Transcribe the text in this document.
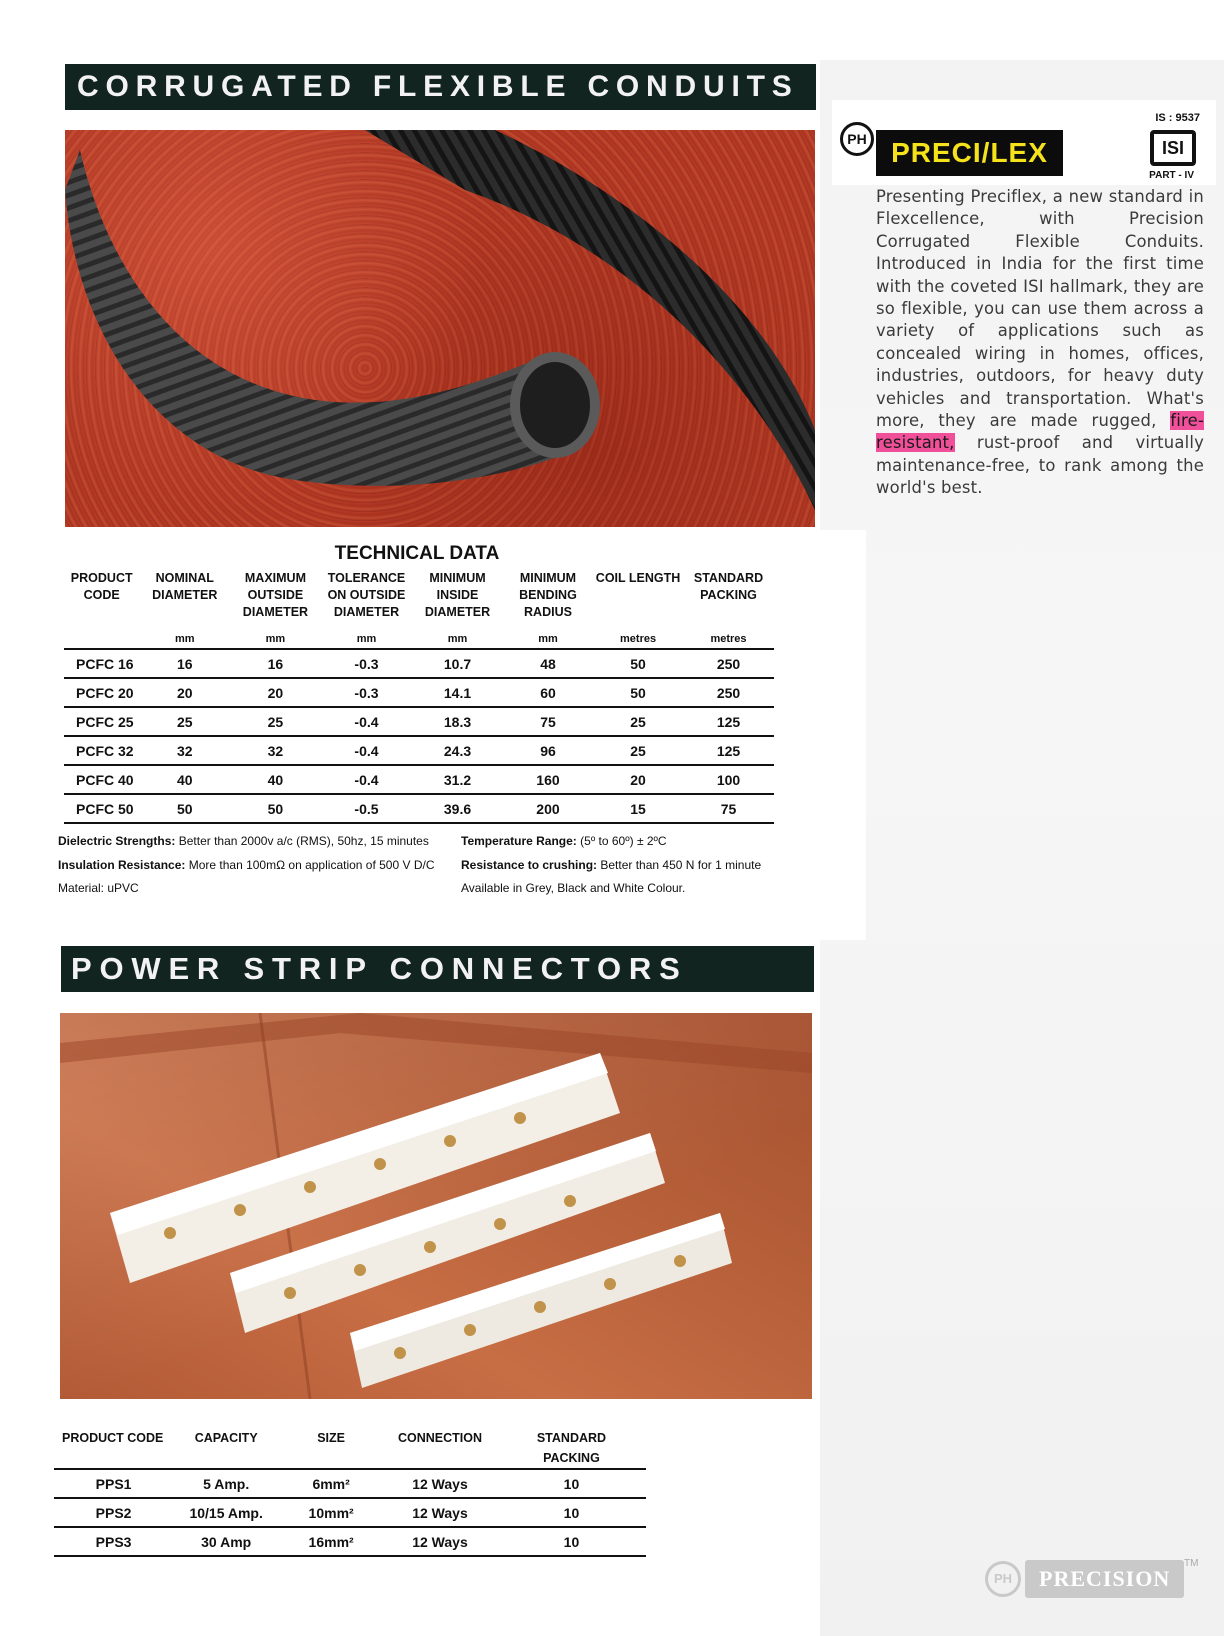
CORRUGATED FLEXIBLE CONDUITS
PH PRECI/LEX
IS : 9537
ISI
PART - IV

Presenting Preciflex, a new standard in Flexcellence, with Precision Corrugated Flexible Conduits. Introduced in India for the first time with the coveted ISI hallmark, they are so flexible, you can use them across a variety of applications such as concealed wiring in homes, offices, industries, outdoors, for heavy duty vehicles and transportation. What's more, they are made rugged, fire-resistant, rust-proof and virtually maintenance-free, to rank among the world's best.

TECHNICAL DATA
PRODUCT CODE	NOMINAL DIAMETER	MAXIMUM OUTSIDE DIAMETER	TOLERANCE ON OUTSIDE DIAMETER	MINIMUM INSIDE DIAMETER	MINIMUM BENDING RADIUS	COIL LENGTH	STANDARD PACKING
	mm	mm	mm	mm	mm	metres	metres
PCFC 16	16	16	-0.3	10.7	48	50	250
PCFC 20	20	20	-0.3	14.1	60	50	250
PCFC 25	25	25	-0.4	18.3	75	25	125
PCFC 32	32	32	-0.4	24.3	96	25	125
PCFC 40	40	40	-0.4	31.2	160	20	100
PCFC 50	50	50	-0.5	39.6	200	15	75
Dielectric Strengths: Better than 2000v a/c (RMS), 50hz, 15 minutes
Insulation Resistance: More than 100mΩ on application of 500 V D/C
Material: uPVC
Temperature Range: (5º to 60º) ± 2ºC
Resistance to crushing: Better than 450 N for 1 minute
Available in Grey, Black and White Colour.
POWER STRIP CONNECTORS
PRODUCT CODE	CAPACITY	SIZE	CONNECTION	STANDARD PACKING
PPS1	5 Amp.	6mm²	12 Ways	10
PPS2	10/15 Amp.	10mm²	12 Ways	10
PPS3	30 Amp	16mm²	12 Ways	10
PH	PRECISION
TM
